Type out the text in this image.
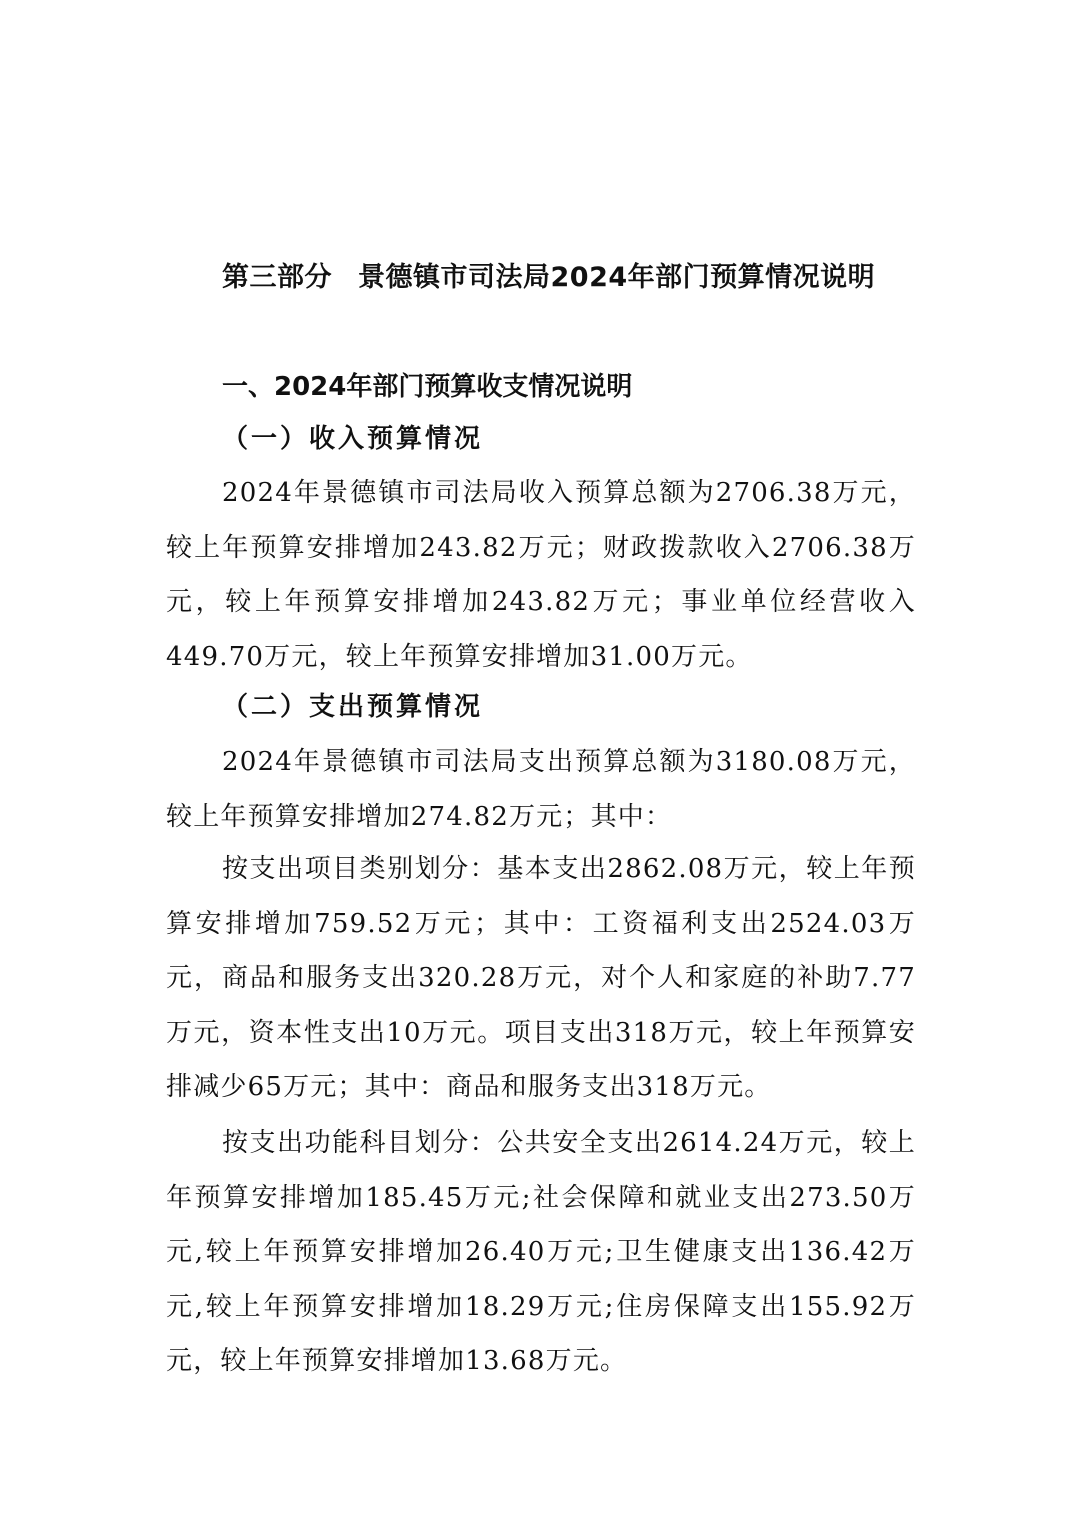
第三部分 景德镇市司法局2024年部门预算情况说明
一、2024年部门预算收支情况说明
（一）收入预算情况

2024年景德镇市司法局收入预算总额为2706.38万元，较上年预算安排增加243.82万元；财政拨款收入2706.38万元，较上年预算安排增加243.82万元；事业单位经营收入449.70万元，较上年预算安排增加31.00万元。

（二）支出预算情况

2024年景德镇市司法局支出预算总额为3180.08万元，较上年预算安排增加274.82万元；其中：

按支出项目类别划分：基本支出2862.08万元，较上年预算安排增加759.52万元；其中：工资福利支出2524.03万元，商品和服务支出320.28万元，对个人和家庭的补助7.77万元，资本性支出10万元。项目支出318万元，较上年预算安排减少65万元；其中：商品和服务支出318万元。

按支出功能科目划分：公共安全支出2614.24万元，较上年预算安排增加185.45万元;社会保障和就业支出273.50万元,较上年预算安排增加26.40万元;卫生健康支出136.42万元,较上年预算安排增加18.29万元;住房保障支出155.92万元，较上年预算安排增加13.68万元。
